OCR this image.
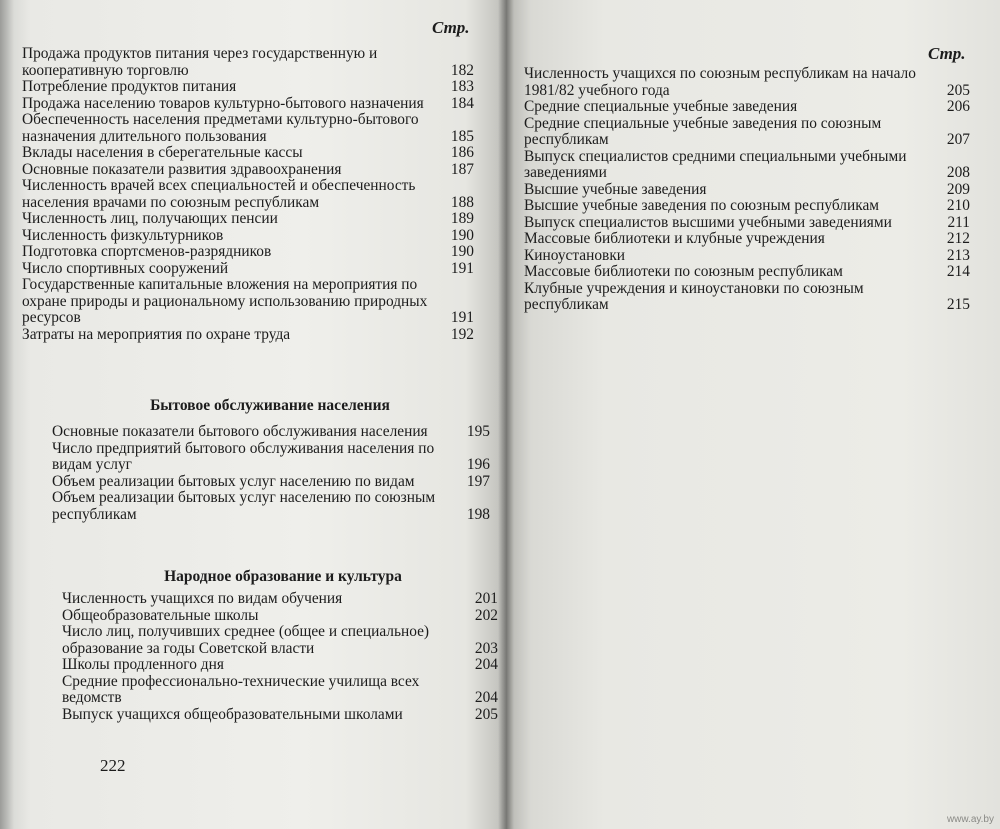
Стр.
Продажа продуктов питания через государственную и кооперативную торговлю	182
Потребление продуктов питания	183
Продажа населению товаров культурно-бытового назначения	184
Обеспеченность населения предметами культурно-бытового назначения длительного пользования	185
Вклады населения в сберегательные кассы	186
Основные показатели развития здравоохранения	187
Численность врачей всех специальностей и обеспеченность населения врачами по союзным республикам	188
Численность лиц, получающих пенсии	189
Численность физкультурников	190
Подготовка спортсменов-разрядников	190
Число спортивных сооружений	191
Государственные капитальные вложения на мероприятия по охране природы и рациональному использованию природных ресурсов	191
Затраты на мероприятия по охране труда	192
Бытовое обслуживание населения
Основные показатели бытового обслуживания населения	195
Число предприятий бытового обслуживания населения по видам услуг	196
Объем реализации бытовых услуг населению по видам	197
Объем реализации бытовых услуг населению по союзным республикам	198
Народное образование и культура
Численность учащихся по видам обучения	201
Общеобразовательные школы	202
Число лиц, получивших среднее (общее и специальное) образование за годы Советской власти	203
Школы продленного дня	204
Средние профессионально-технические училища всех ведомств	204
Выпуск учащихся общеобразовательными школами	205
222
Стр.
Численность учащихся по союзным республикам на начало 1981/82 учебного года	205
Средние специальные учебные заведения	206
Средние специальные учебные заведения по союзным республикам	207
Выпуск специалистов средними специальными учебными заведениями	208
Высшие учебные заведения	209
Высшие учебные заведения по союзным республикам	210
Выпуск специалистов высшими учебными заведениями	211
Массовые библиотеки и клубные учреждения	212
Киноустановки	213
Массовые библиотеки по союзным республикам	214
Клубные учреждения и киноустановки по союзным республикам	215
www.ay.by
